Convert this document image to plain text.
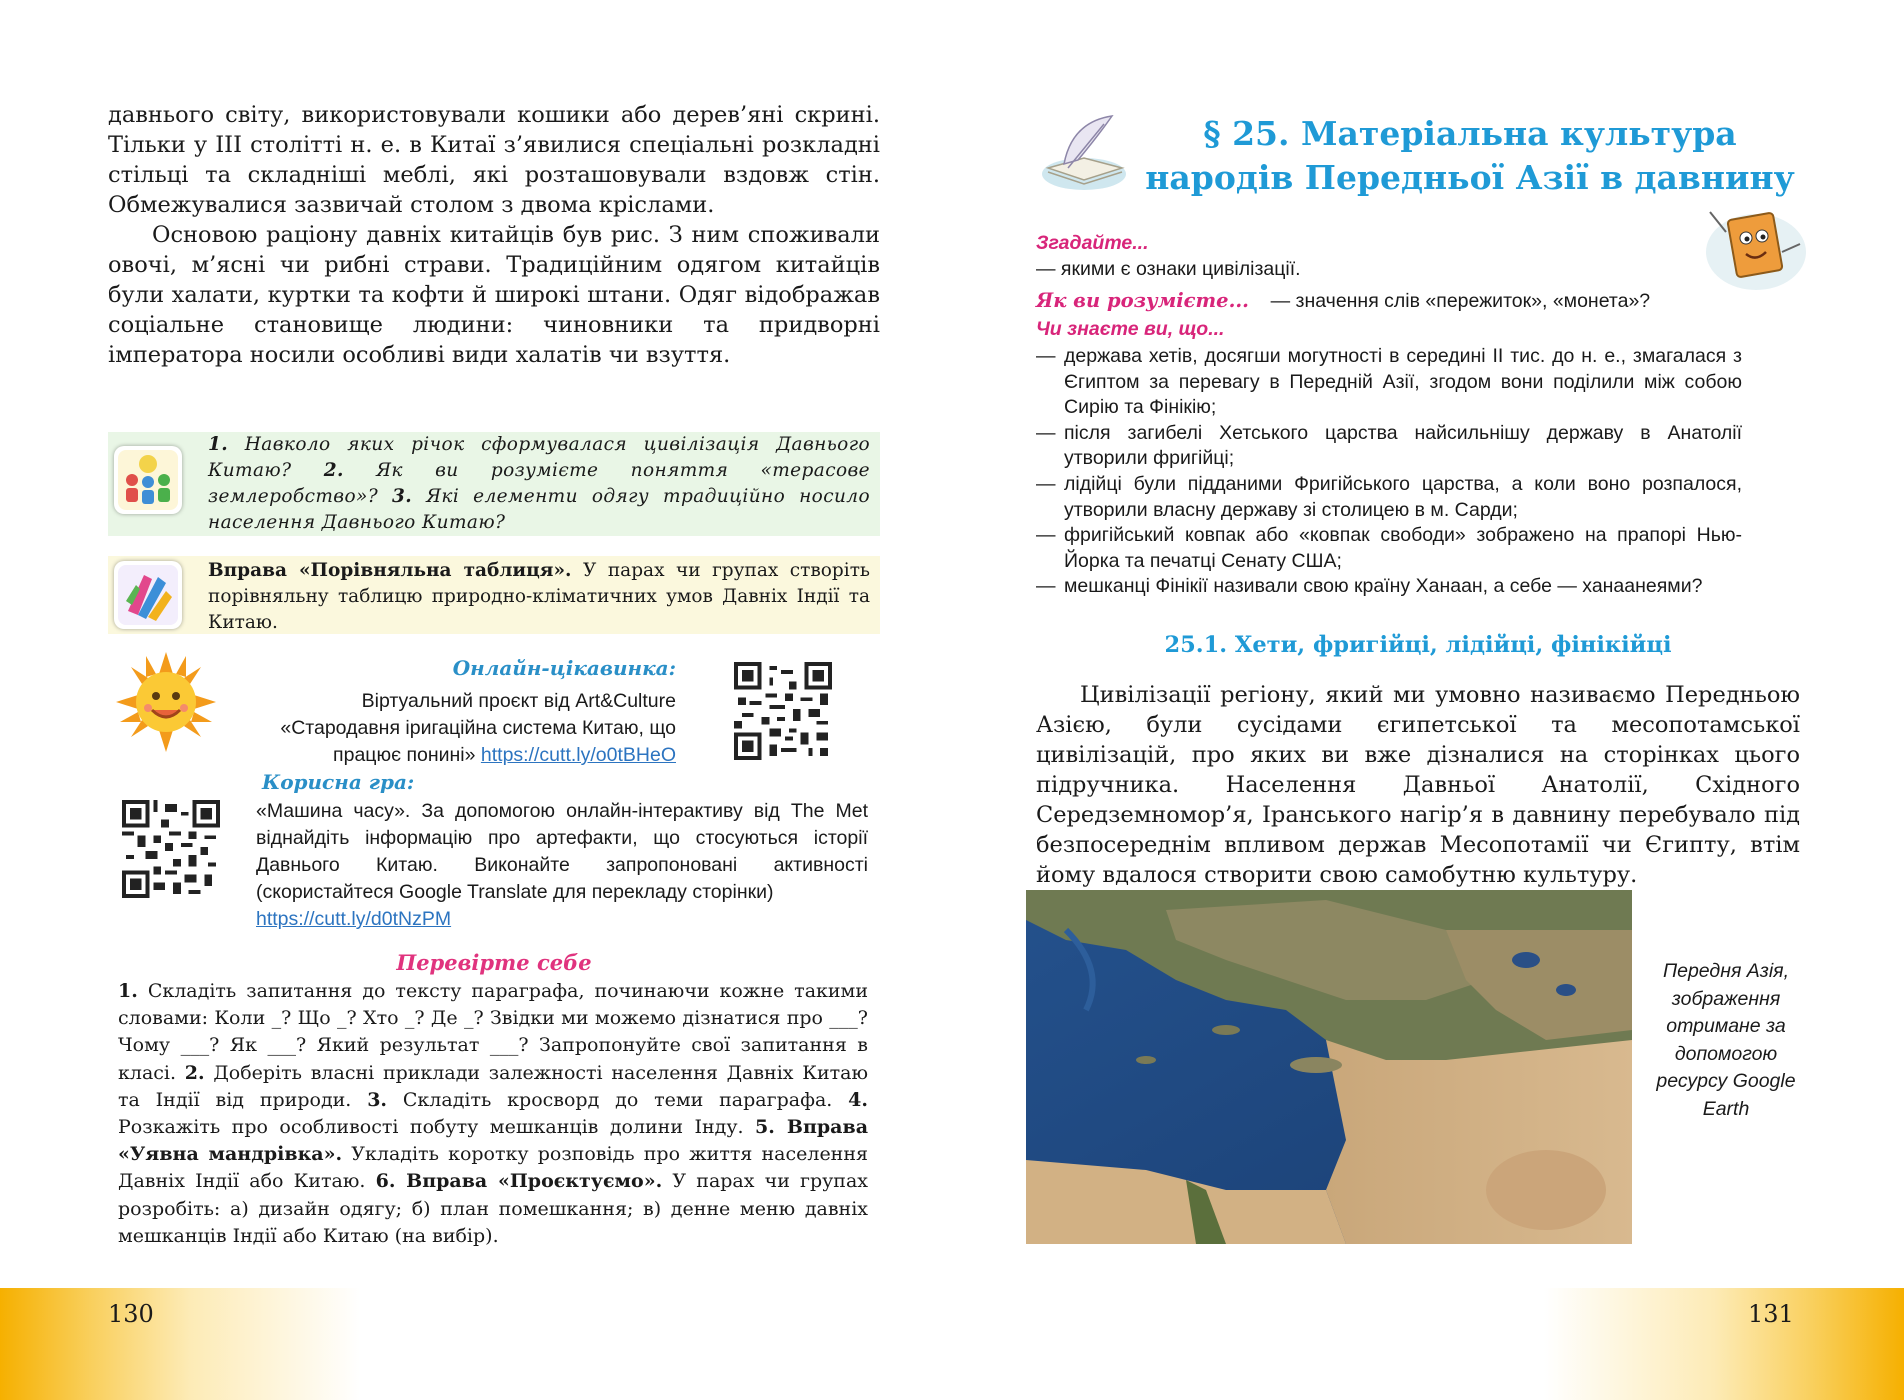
давнього світу, використовували кошики або дерев’яні скрині. Тільки у ІІІ столітті н. е. в Китаї з’явилися спеціальні розкладні стільці та складніші меблі, які розташовували вздовж стін. Обмежувалися зазвичай столом з двома кріслами.

Основою раціону давніх китайців був рис. З ним споживали овочі, м’ясні чи рибні страви. Традиційним одягом китайців були халати, куртки та кофти й широкі штани. Одяг відображав соціальне становище людини: чиновники та придворні імператора носили особливі види халатів чи взуття.

1. Навколо яких річок сформувалася цивілізація Давнього Китаю? 2. Як ви розумієте поняття «терасове землеробство»? 3. Які елементи одягу традиційно носило населення Давнього Китаю?
Вправа «Порівняльна таблиця». У парах чи групах створіть порівняльну таблицю природно-кліматичних умов Давніх Індії та Китаю.
Онлайн-цікавинка:
Віртуальний проєкт від Art&Culture «Стародавня іригаційна система Китаю, що працює понині» https://cutt.ly/o0tBHeO
Корисна гра:
«Машина часу». За допомогою онлайн-інтерактиву від The Met віднайдіть інформацію про артефакти, що стосуються історії Давнього Китаю. Виконайте запропоновані активності (скористайтеся Google Translate для перекладу сторінки)
https://cutt.ly/d0tNzPM
Перевірте себе
1. Складіть запитання до тексту параграфа, починаючи кожне такими словами: Коли _? Що _? Хто _? Де _? Звідки ми можемо дізнатися про ___? Чому ___? Як ___? Який результат ___? Запропонуйте свої запитання в класі. 2. Доберіть власні приклади залежності населення Давніх Китаю та Індії від природи. 3. Складіть кросворд до теми параграфа. 4. Розкажіть про особливості побуту мешканців долини Інду. 5. Вправа «Уявна мандрівка». Укладіть коротку розповідь про життя населення Давніх Індії або Китаю. 6. Вправа «Проєктуємо». У парах чи групах розробіть: а) дизайн одягу; б) план помешкання; в) денне меню давніх мешканців Індії або Китаю (на вибір).
130
§ 25. Матеріальна культура
народів Передньої Азії в давнину
Згадайте...
— якими є ознаки цивілізації.
Як ви розумієте... — значення слів «пережиток», «монета»?
Чи знаєте ви, що...
— держава хетів, досягши могутності в середині ІІ тис. до н. е., змагалася з Єгиптом за перевагу в Передній Азії, згодом вони поділили між собою Сирію та Фінікію;
— після загибелі Хетського царства найсильнішу державу в Анатолії утворили фригійці;
— лідійці були підданими Фригійського царства, а коли воно розпалося, утворили власну державу зі столицею в м. Сарди;
— фригійський ковпак або «ковпак свободи» зображено на прапорі Нью-Йорка та печатці Сенату США;
— мешканці Фінікії називали свою країну Ханаан, а себе — ханаанеями?
25.1. Хети, фригійці, лідійці, фінікійці
Цивілізації регіону, який ми умовно називаємо Передньою Азією, були сусідами єгипетської та месопотамської цивілізацій, про яких ви вже дізналися на сторінках цього підручника. Населення Давньої Анатолії, Східного Середземномор’я, Іранського нагір’я в давнину перебувало під безпосереднім впливом держав Месопотамії чи Єгипту, втім йому вдалося створити свою самобутню культуру.
Передня Азія, зображення отримане за допомогою ресурсу Google Earth
131
